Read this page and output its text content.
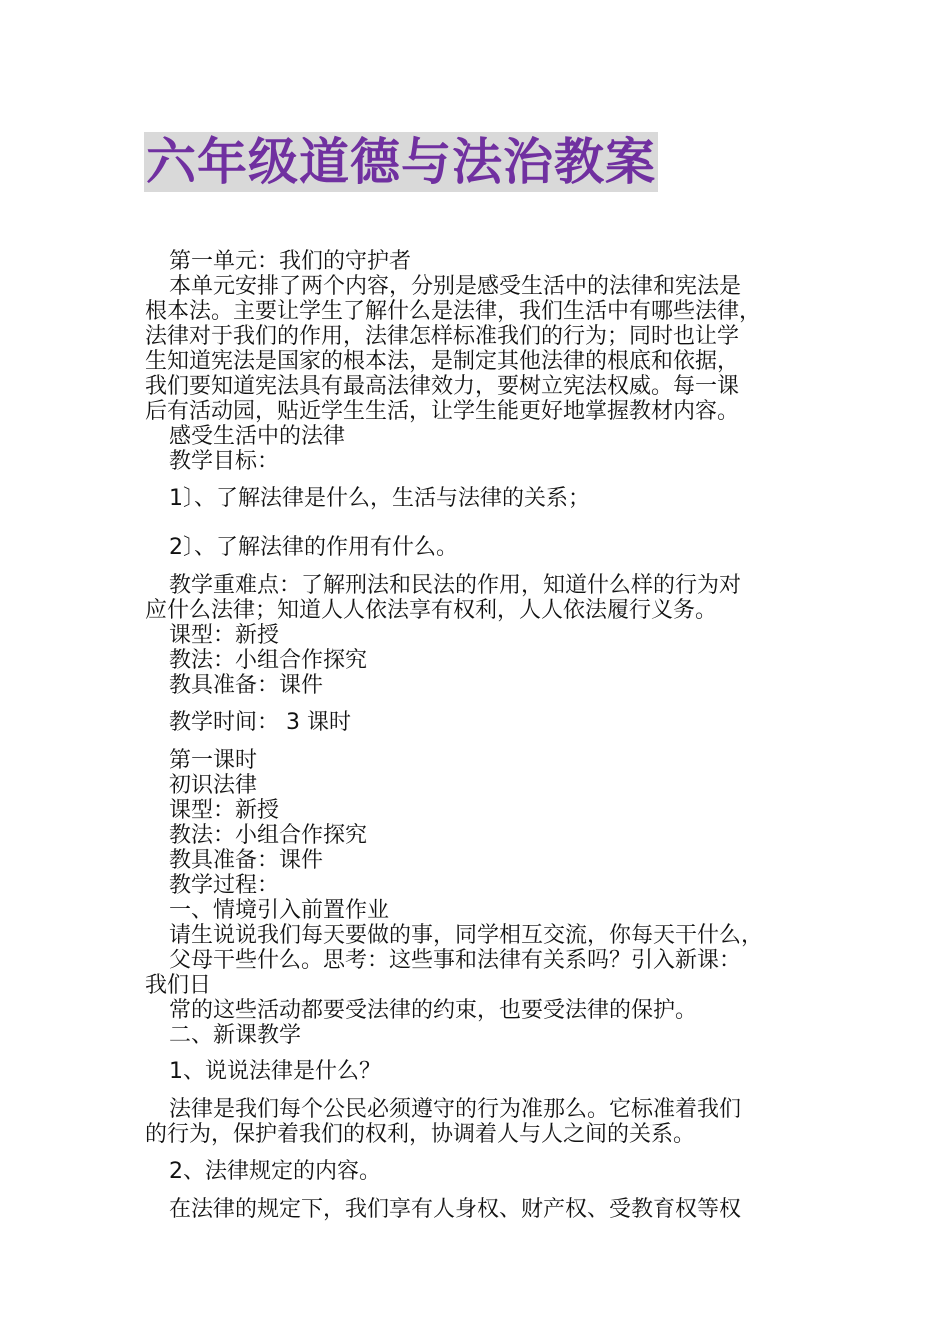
六年级道德与法治教案
第一单元：我们的守护者
本单元安排了两个内容，分别是感受生活中的法律和宪法是
根本法。主要让学生了解什么是法律，我们生活中有哪些法律，
法律对于我们的作用，法律怎样标准我们的行为；同时也让学
生知道宪法是国家的根本法，是制定其他法律的根底和依据，
我们要知道宪法具有最高法律效力，要树立宪法权威。每一课
后有活动园，贴近学生生活，让学生能更好地掌握教材内容。
感受生活中的法律
教学目标：
1〕、了解法律是什么，生活与法律的关系；
2〕、了解法律的作用有什么。
教学重难点：了解刑法和民法的作用，知道什么样的行为对
应什么法律；知道人人依法享有权利，人人依法履行义务。
课型：新授
教法：小组合作探究
教具准备：课件
教学时间： 3 课时
第一课时
初识法律
课型：新授
教法：小组合作探究
教具准备：课件
教学过程：
一、情境引入前置作业
请生说说我们每天要做的事，同学相互交流，你每天干什么，
父母干些什么。思考：这些事和法律有关系吗？引入新课：
我们日
常的这些活动都要受法律的约束，也要受法律的保护。
二、新课教学
1、说说法律是什么？
法律是我们每个公民必须遵守的行为准那么。它标准着我们
的行为，保护着我们的权利，协调着人与人之间的关系。
2、法律规定的内容。
在法律的规定下，我们享有人身权、财产权、受教育权等权
